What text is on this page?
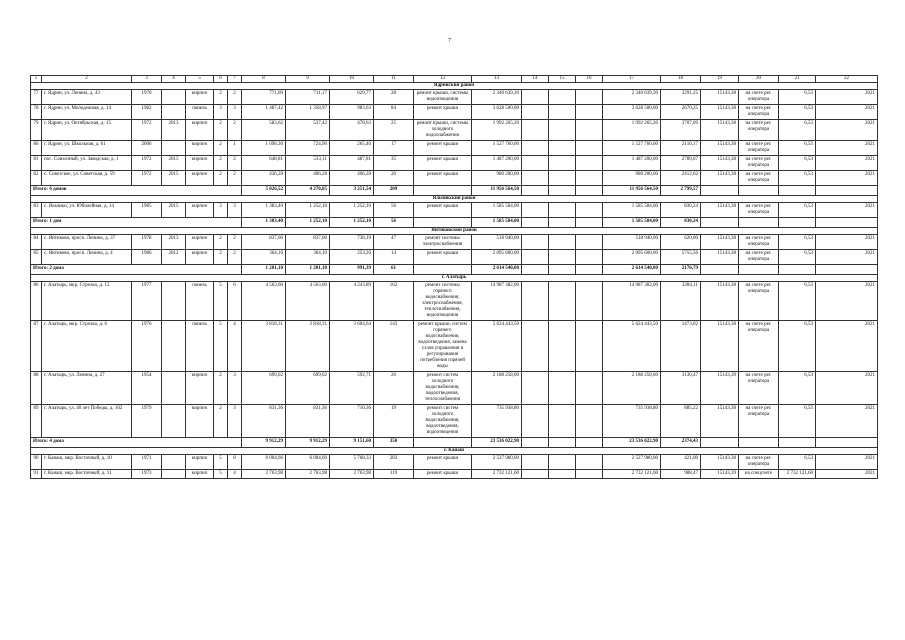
7
1	2	3	4	5	6	7	8	9	10	11	12	13	14	15	16	17	18	19	20	21	22
Ядринский район																					
77	г. Ядрин, ул. Ленина, д. 43	1970		кирпич	2	2	771,09	711,17	629,77	28	ремонт крыши, системы водоотведения	2 340 639,30				2 340 639,30	3291,25	15143,38	на счете рег. оператора	6,53	2021
78	г. Ядрин, ул. Молодежная, д. 14	1982		панель	3	3	1 487,42	1 358,97	983,63	84	ремонт крыши	3 628 500,00				3 628 500,00	2670,25	15143,38	на счете рег. оператора	6,53	2021
79	г. Ядрин, ул. Октябрьская, д. 15	1972	2013	кирпич	2	2	583,62	537,42	478,63	25	ремонт крыши, системы холодного водоснабжения	1 992 265,20				1 992 265,20	3707,09	15143,38	на счете рег. оператора	6,53	2021
80	г. Ядрин, ул. Школьная, д. 61	2006		кирпич	2	1	1 098,30	724,90	265,40	17	ремонт крыши	1 527 760,00				1 527 760,00	2110,17	15143,38	на счете рег. оператора	6,53	2021
81	пос. Совхозный, ул. Заводская, д. 1	1972	2015	кирпич	2	2	648,81	533,11	487,81	35	ремонт крыши	1 487 200,00				1 487 200,00	2789,67	15143,38	на счете рег. оператора	6,53	2021
82	с. Советское, ул. Советская, д. 59	1972	2015	кирпич	2	2	436,28	406,28	406,28	20	ремонт крыши	980 200,00				980 200,00	2412,62	15143,38	на счете рег. оператора	6,53	2021
Итого: 6 домов							5 026,52	4 270,85	3 251,54	209		11 956 564,50				11 956 564,50	2 799,57				
Яльчикский район																					
83	с. Яльчики, ул. Юбилейная, д. 14	1985	2015	кирпич	3	3	1 383,40	1 252,10	1 252,10	56	ремонт крыши	1 585 584,00				1 585 584,00	830,24	15143,38	на счете рег. оператора	6,53	2021
Итого: 1 дом							1 383,40	1 252,10	1 252,10	56		1 585 584,00				1 585 584,00	830,24				
Янтиковский район																					
84	с. Янтиково, просп. Ленина, д. 37	1978	2013	кирпич	2	2	837,00	837,00	738,19	47	ремонт системы электроснабжения	518 940,00				518 940,00	620,00	15143,38	на счете рег. оператора	6,53	2021
85	с. Янтиково, просп. Ленина, д. 4	1986	2012	кирпич	2	2	364,10	364,10	253,20	14	ремонт крыши	2 095 600,00				2 095 600,00	5755,56	15143,38	на счете рег. оператора	6,53	2021
Итого: 2 дома							1 201,10	1 201,10	991,39	61		2 614 540,00				2 614 540,00	2176,79				
г. Алатырь																					
86	г. Алатырь, мкр. Стрелка, д. 12	1977		панель	5	6	4 563,60	4 563,60	4 243,89	162	ремонт системы горячего водоснабжения, электроснабжения, теплоснабжения, водоотведения	14 987 382,00				14 987 382,00	3284,11	15143,38	на счете рег. оператора	6,53	2021
87	г. Алатырь, мкр. Стрелка, д. 6	1976		панель	5	4	3 818,31	3 818,31	3 604,64	143	ремонт крыши, систем горячего водоснабжения, водоотведения, замена узлов управления и регулирования потребления горячей воды	5 624 443,50				5 624 443,50	1473,02	15143,38	на счете рег. оператора	6,53	2021
88	г. Алатырь, ул. Ленина, д. 27	1954		кирпич	2	3	699,02	699,02	592,71	26	ремонт систем холодного водоснабжения, водоотведения, теплоснабжения	2 188 258,60				2 188 258,60	3130,47	15143,39	на счете рег. оператора	6,53	2021
89	г. Алатырь, ул. 40 лет Победы, д. 102	1979		кирпич	2	3	831,36	831,36	710,36	19	ремонт систем холодного водоснабжения, водоотведения, водоотведения	735 938,80				735 938,80	885,22	15143,38	на счете рег. оператора	6,53	2021
Итого: 4 дома							9 912,29	9 912,29	9 151,60	350		23 536 022,90				23 536 022,90	2374,43				
г. Канаш																					
90	г. Канаш, мкр. Восточный, д. 10	1971		кирпич	5	8	6 004,66	6 004,66	5 768,33	283	ремонт крыши	2 527 980,00				2 527 980,00	421,00	15143,38	на счете рег. оператора	6,53	2021
91	г. Канаш, мкр. Восточный, д. 11	1973		кирпич	5	4	2 763,98	2 763,98	2 763,98	119	ремонт крыши	2 732 121,60				2 732 121,60	988,47	15143,39	на спецсчете	2 732 121,60	2021
